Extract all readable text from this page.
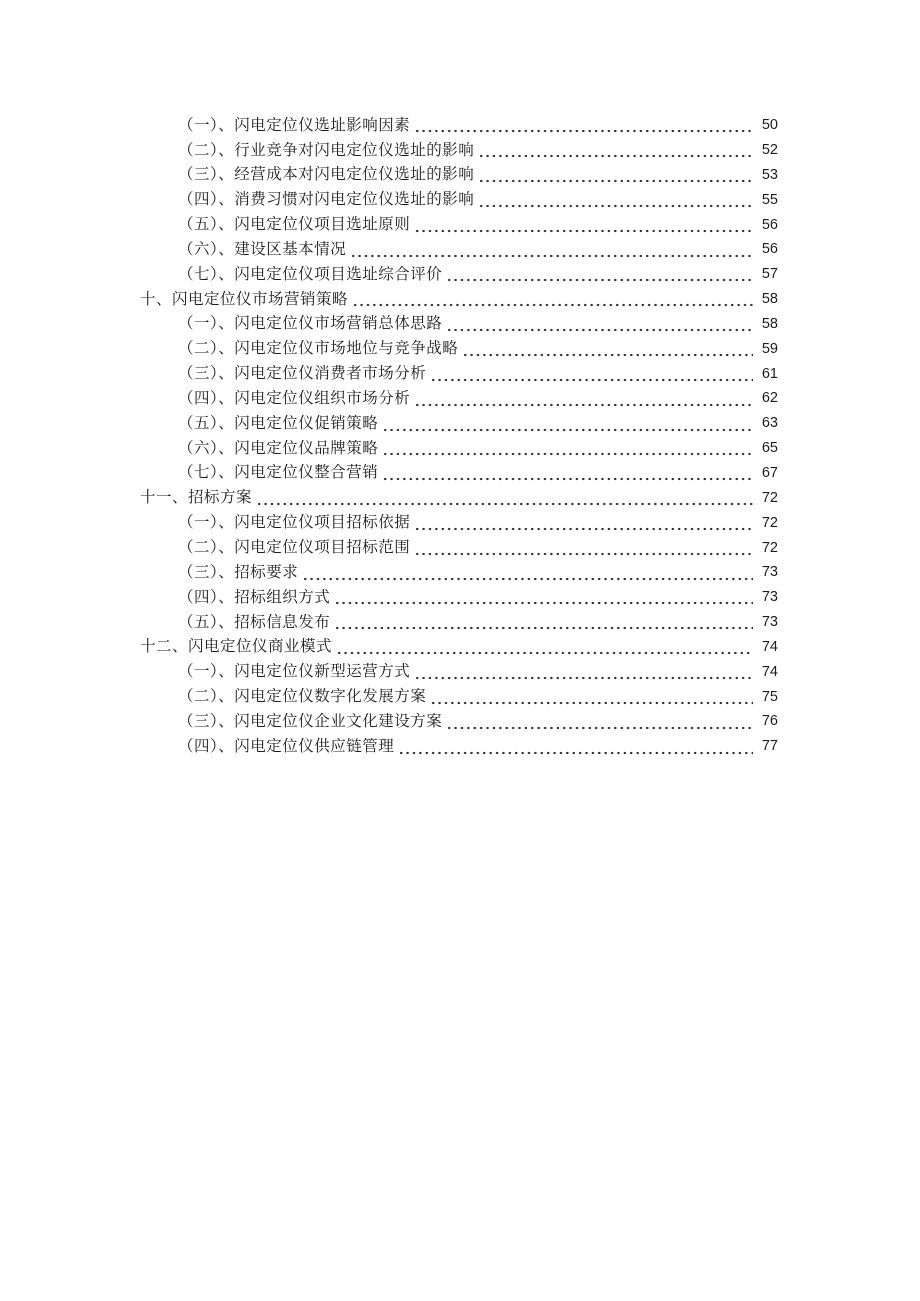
（一）、闪电定位仪选址影响因素	50
（二）、行业竞争对闪电定位仪选址的影响	52
（三）、经营成本对闪电定位仪选址的影响	53
（四）、消费习惯对闪电定位仪选址的影响	55
（五）、闪电定位仪项目选址原则	56
（六）、建设区基本情况	56
（七）、闪电定位仪项目选址综合评价	57
十、闪电定位仪市场营销策略	58
（一）、闪电定位仪市场营销总体思路	58
（二）、闪电定位仪市场地位与竞争战略	59
（三）、闪电定位仪消费者市场分析	61
（四）、闪电定位仪组织市场分析	62
（五）、闪电定位仪促销策略	63
（六）、闪电定位仪品牌策略	65
（七）、闪电定位仪整合营销	67
十一、招标方案	72
（一）、闪电定位仪项目招标依据	72
（二）、闪电定位仪项目招标范围	72
（三）、招标要求	73
（四）、招标组织方式	73
（五）、招标信息发布	73
十二、闪电定位仪商业模式	74
（一）、闪电定位仪新型运营方式	74
（二）、闪电定位仪数字化发展方案	75
（三）、闪电定位仪企业文化建设方案	76
（四）、闪电定位仪供应链管理	77
